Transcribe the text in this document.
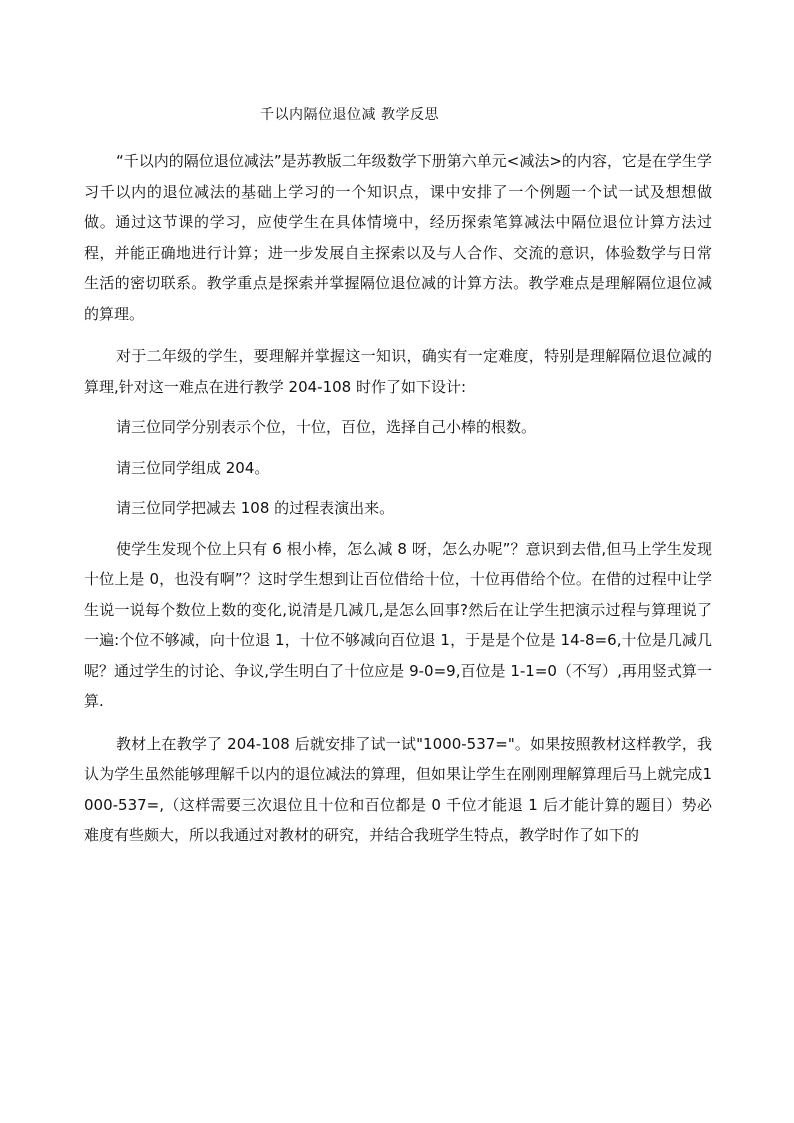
千以内隔位退位减 教学反思

“千以内的隔位退位减法”是苏教版二年级数学下册第六单元<减法>的内容，它是在学生学习千以内的退位减法的基础上学习的一个知识点，课中安排了一个例题一个试一试及想想做做。通过这节课的学习，应使学生在具体情境中，经历探索笔算减法中隔位退位计算方法过程，并能正确地进行计算；进一步发展自主探索以及与人合作、交流的意识，体验数学与日常生活的密切联系。教学重点是探索并掌握隔位退位减的计算方法。教学难点是理解隔位退位减的算理。

对于二年级的学生，要理解并掌握这一知识，确实有一定难度，特别是理解隔位退位减的算理,针对这一难点在进行教学 204-108 时作了如下设计:

请三位同学分别表示个位，十位，百位，选择自己小棒的根数。

请三位同学组成 204。

请三位同学把减去 108 的过程表演出来。

使学生发现个位上只有 6 根小棒，怎么减 8 呀，怎么办呢”？意识到去借,但马上学生发现十位上是 0，也没有啊”？这时学生想到让百位借给十位，十位再借给个位。在借的过程中让学生说一说每个数位上数的变化,说清是几减几,是怎么回事?然后在让学生把演示过程与算理说了一遍:个位不够减，向十位退 1，十位不够减向百位退 1，于是是个位是 14-8=6,十位是几减几呢？通过学生的讨论、争议,学生明白了十位应是 9-0=9,百位是 1-1=0（不写）,再用竖式算一算.

教材上在教学了 204-108 后就安排了试一试"1000-537="。如果按照教材这样教学，我认为学生虽然能够理解千以内的退位减法的算理，但如果让学生在刚刚理解算理后马上就完成1000-537=,（这样需要三次退位且十位和百位都是 0 千位才能退 1 后才能计算的题目）势必难度有些颇大，所以我通过对教材的研究，并结合我班学生特点，教学时作了如下的
